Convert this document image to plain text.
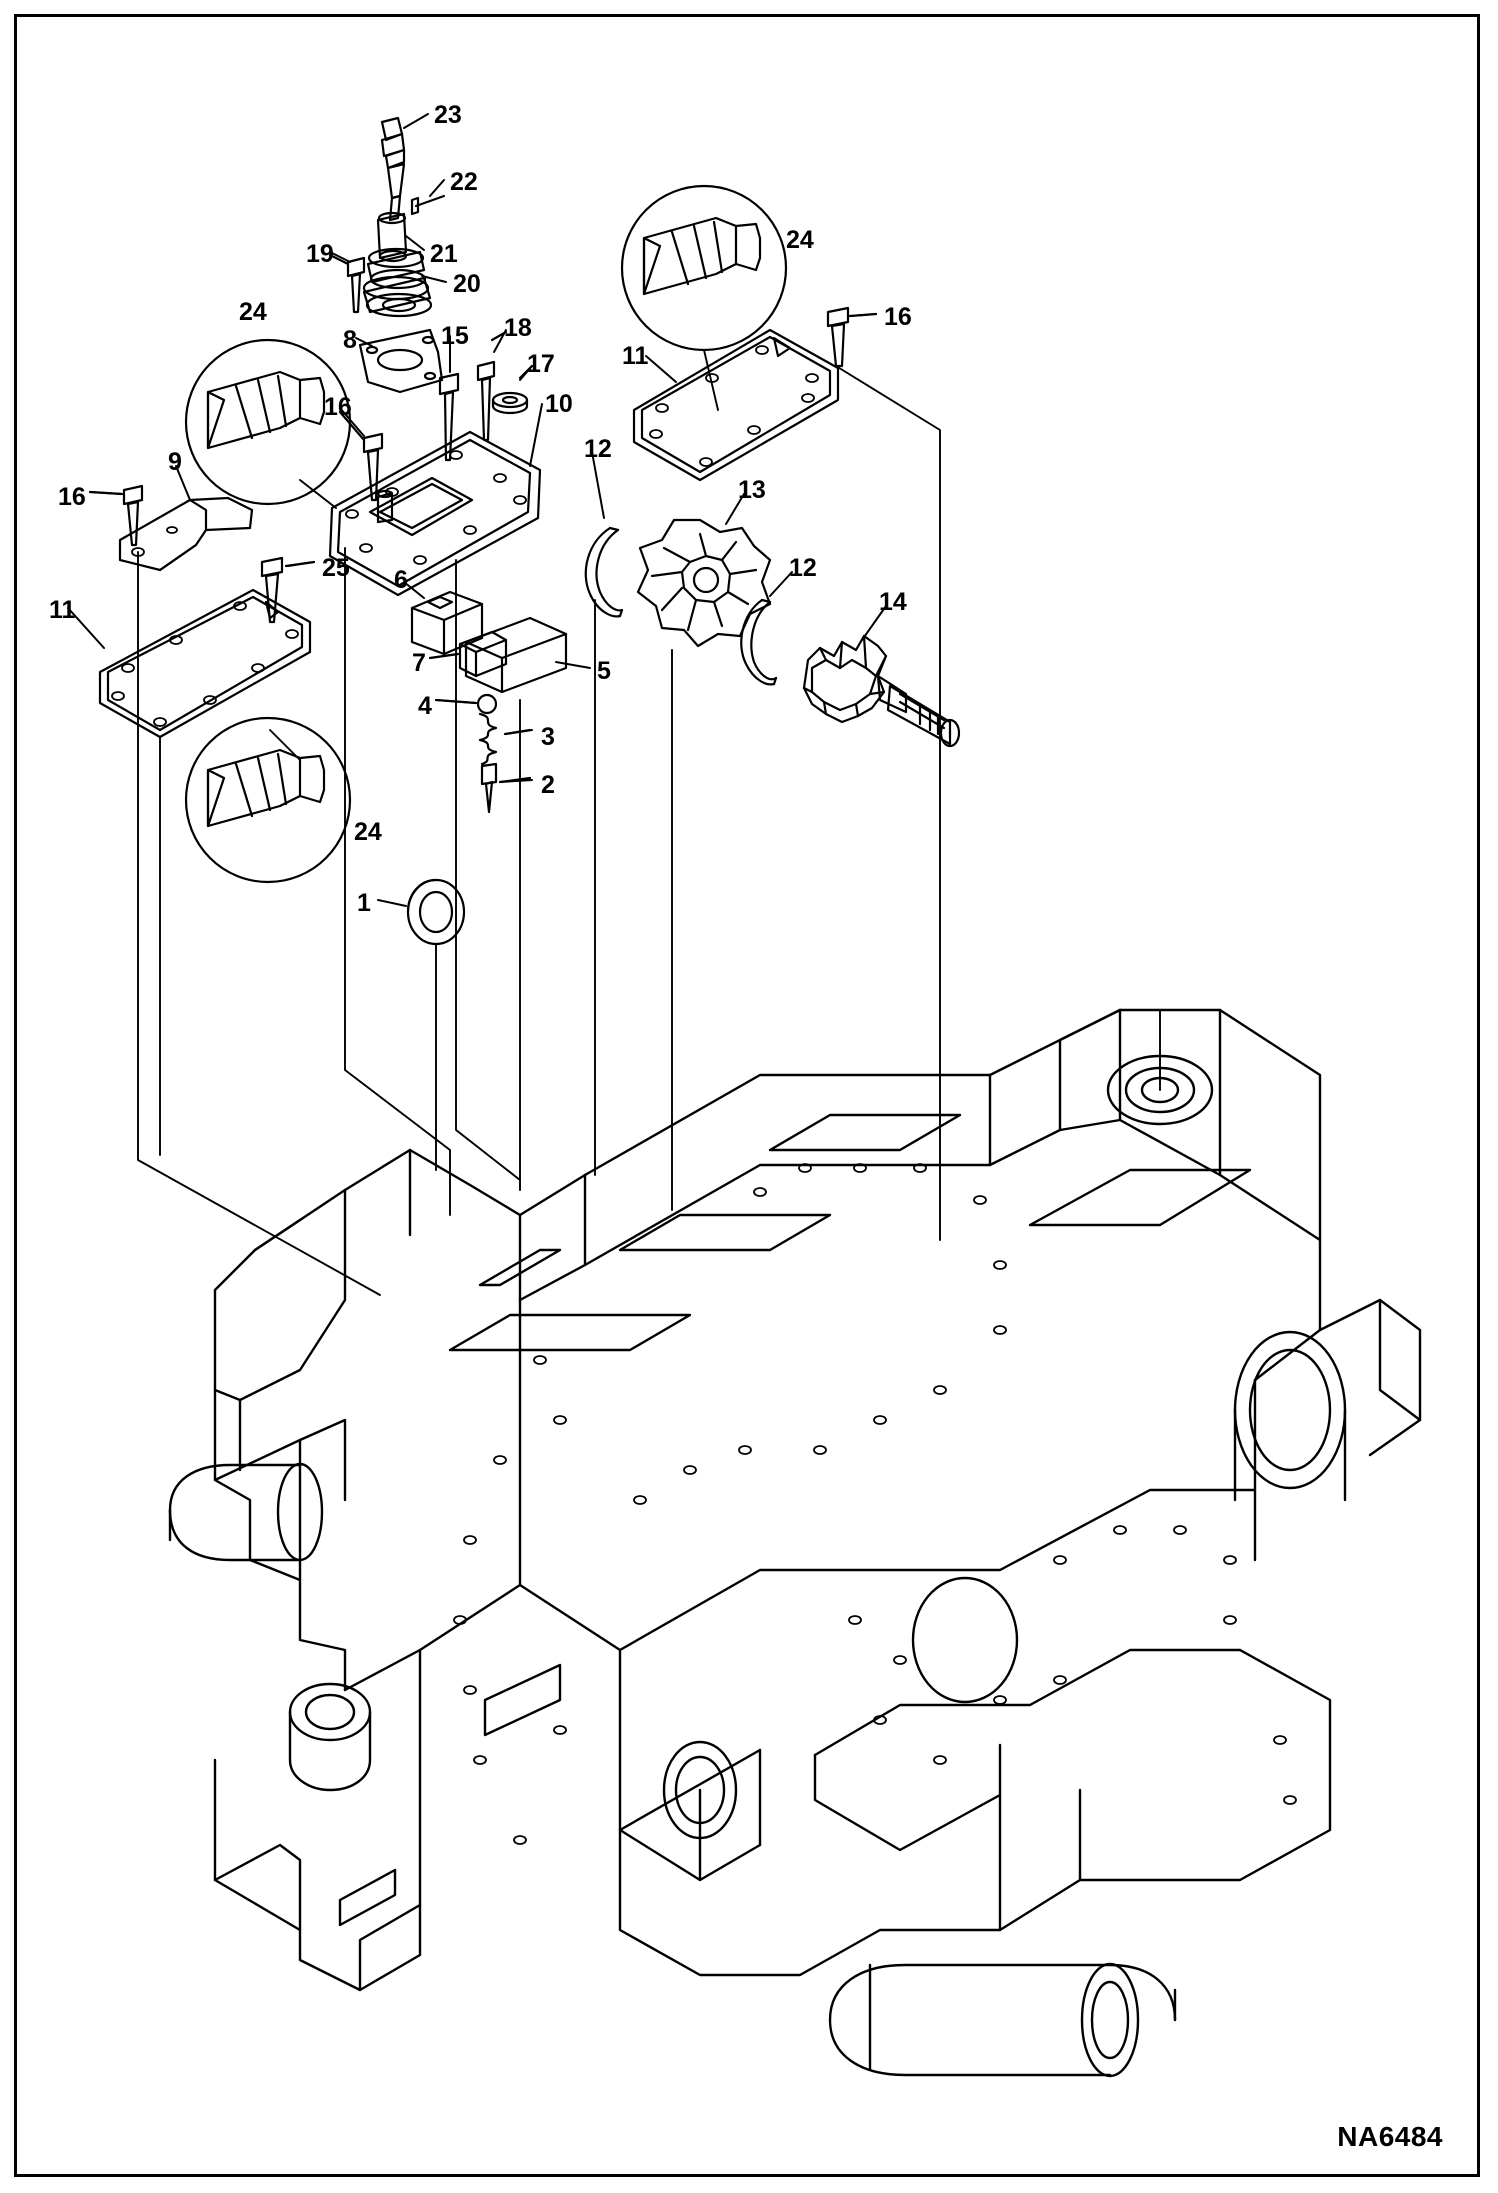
23
22
19	21
20
24
8	15 18	16
24
17	11
10
16
9	12
13
16
25	12
14
11
6
7	5
4
3
2
24
1
NA6484
